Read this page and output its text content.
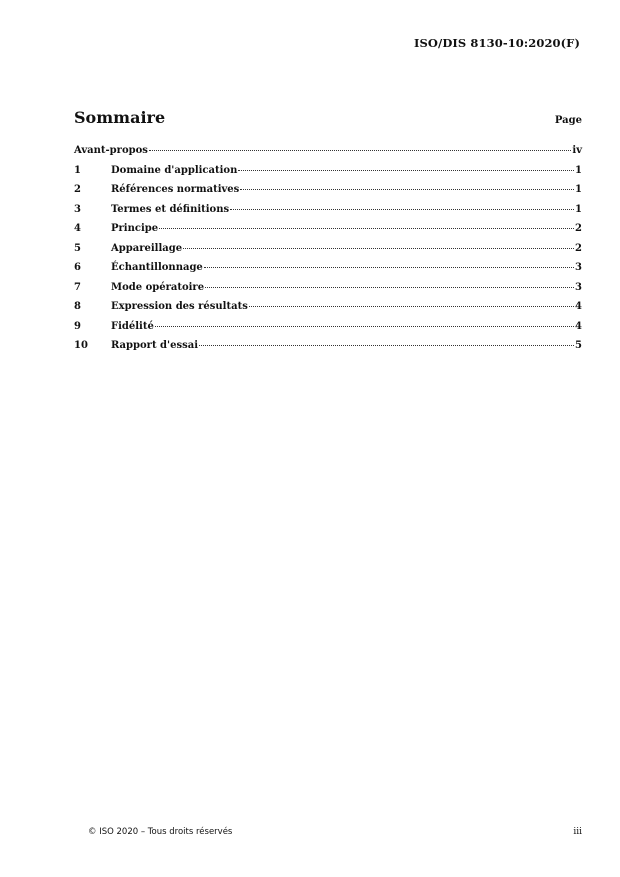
ISO/DIS 8130-10:2020(F)
Sommaire	Page
Avant-propos	iv
1	Domaine d'application	1
2	Références normatives	1
3	Termes et définitions	1
4	Principe	2
5	Appareillage	2
6	Échantillonnage	3
7	Mode opératoire	3
8	Expression des résultats	4
9	Fidélité	4
10	Rapport d'essai	5
© ISO 2020 – Tous droits réservés	iii
